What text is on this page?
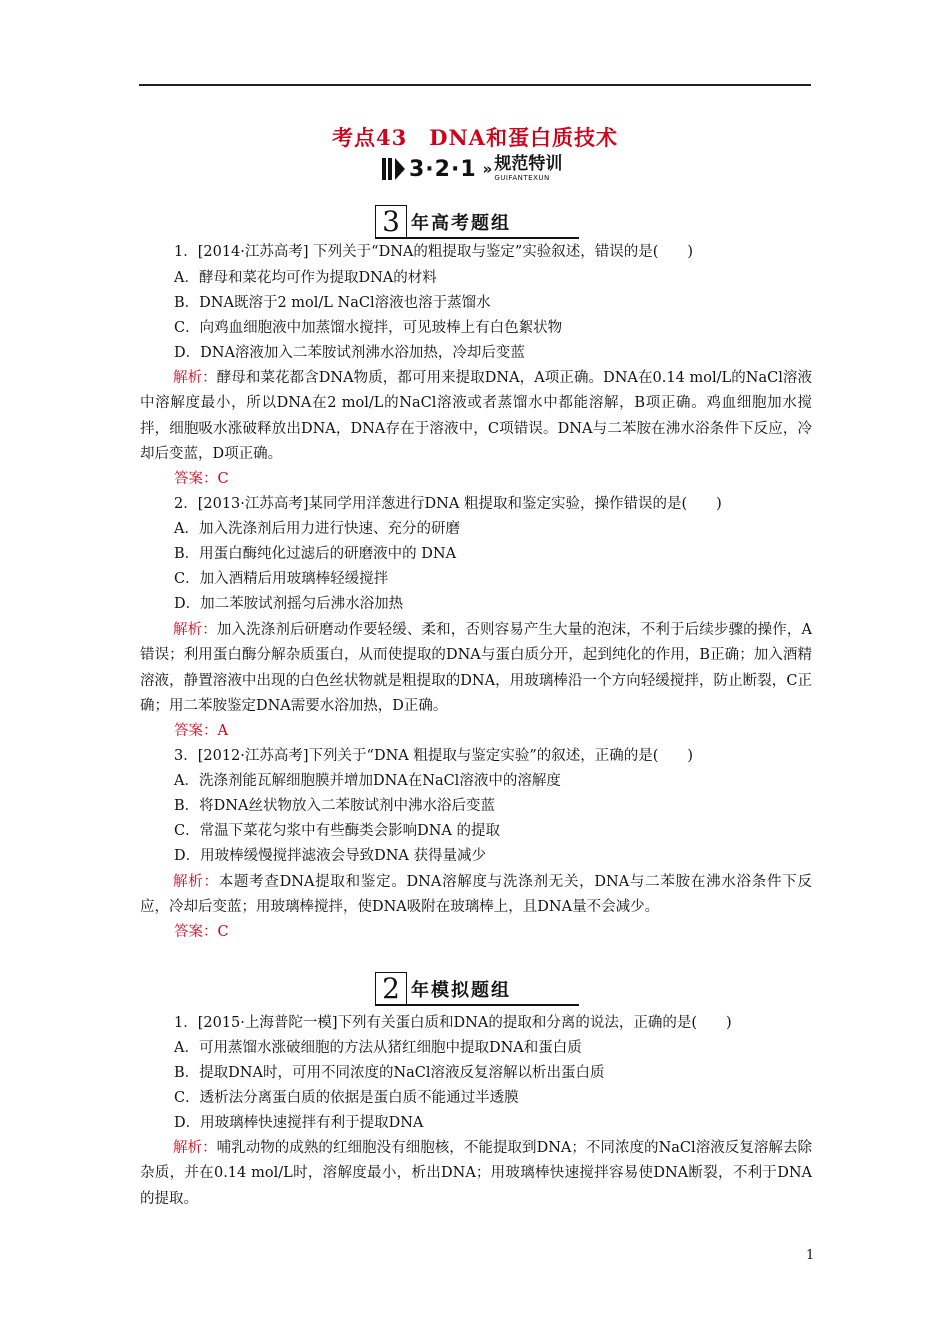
考点43　DNA和蛋白质技术
3·2·1 » 规范特训
GUIFANTEXUN
3 年高考题组
1．[2014·江苏高考] 下列关于“DNA的粗提取与鉴定”实验叙述，错误的是(　　)
A．酵母和菜花均可作为提取DNA的材料
B．DNA既溶于2 mol/L NaCl溶液也溶于蒸馏水
C．向鸡血细胞液中加蒸馏水搅拌，可见玻棒上有白色絮状物
D．DNA溶液加入二苯胺试剂沸水浴加热，冷却后变蓝
解析：酵母和菜花都含DNA物质，都可用来提取DNA，A项正确。DNA在0.14 mol/L的NaCl溶液中溶解度最小，所以DNA在2 mol/L的NaCl溶液或者蒸馏水中都能溶解，B项正确。鸡血细胞加水搅拌，细胞吸水涨破释放出DNA，DNA存在于溶液中，C项错误。DNA与二苯胺在沸水浴条件下反应，冷却后变蓝，D项正确。
答案：C
2．[2013·江苏高考]某同学用洋葱进行DNA 粗提取和鉴定实验，操作错误的是(　　)
A．加入洗涤剂后用力进行快速、充分的研磨
B．用蛋白酶纯化过滤后的研磨液中的 DNA
C．加入酒精后用玻璃棒轻缓搅拌
D．加二苯胺试剂摇匀后沸水浴加热
解析：加入洗涤剂后研磨动作要轻缓、柔和，否则容易产生大量的泡沫，不利于后续步骤的操作，A错误；利用蛋白酶分解杂质蛋白，从而使提取的DNA与蛋白质分开，起到纯化的作用，B正确；加入酒精溶液，静置溶液中出现的白色丝状物就是粗提取的DNA，用玻璃棒沿一个方向轻缓搅拌，防止断裂，C正确；用二苯胺鉴定DNA需要水浴加热，D正确。
答案：A
3．[2012·江苏高考]下列关于“DNA 粗提取与鉴定实验”的叙述，正确的是(　　)
A．洗涤剂能瓦解细胞膜并增加DNA在NaCl溶液中的溶解度
B．将DNA丝状物放入二苯胺试剂中沸水浴后变蓝
C．常温下菜花匀浆中有些酶类会影响DNA 的提取
D．用玻棒缓慢搅拌滤液会导致DNA 获得量减少
解析：本题考查DNA提取和鉴定。DNA溶解度与洗涤剂无关，DNA与二苯胺在沸水浴条件下反应，冷却后变蓝；用玻璃棒搅拌，使DNA吸附在玻璃棒上，且DNA量不会减少。
答案：C
2 年模拟题组
1．[2015·上海普陀一模]下列有关蛋白质和DNA的提取和分离的说法，正确的是(　　)
A．可用蒸馏水涨破细胞的方法从猪红细胞中提取DNA和蛋白质
B．提取DNA时，可用不同浓度的NaCl溶液反复溶解以析出蛋白质
C．透析法分离蛋白质的依据是蛋白质不能通过半透膜
D．用玻璃棒快速搅拌有利于提取DNA
解析：哺乳动物的成熟的红细胞没有细胞核，不能提取到DNA；不同浓度的NaCl溶液反复溶解去除杂质，并在0.14 mol/L时，溶解度最小，析出DNA；用玻璃棒快速搅拌容易使DNA断裂，不利于DNA的提取。
1
